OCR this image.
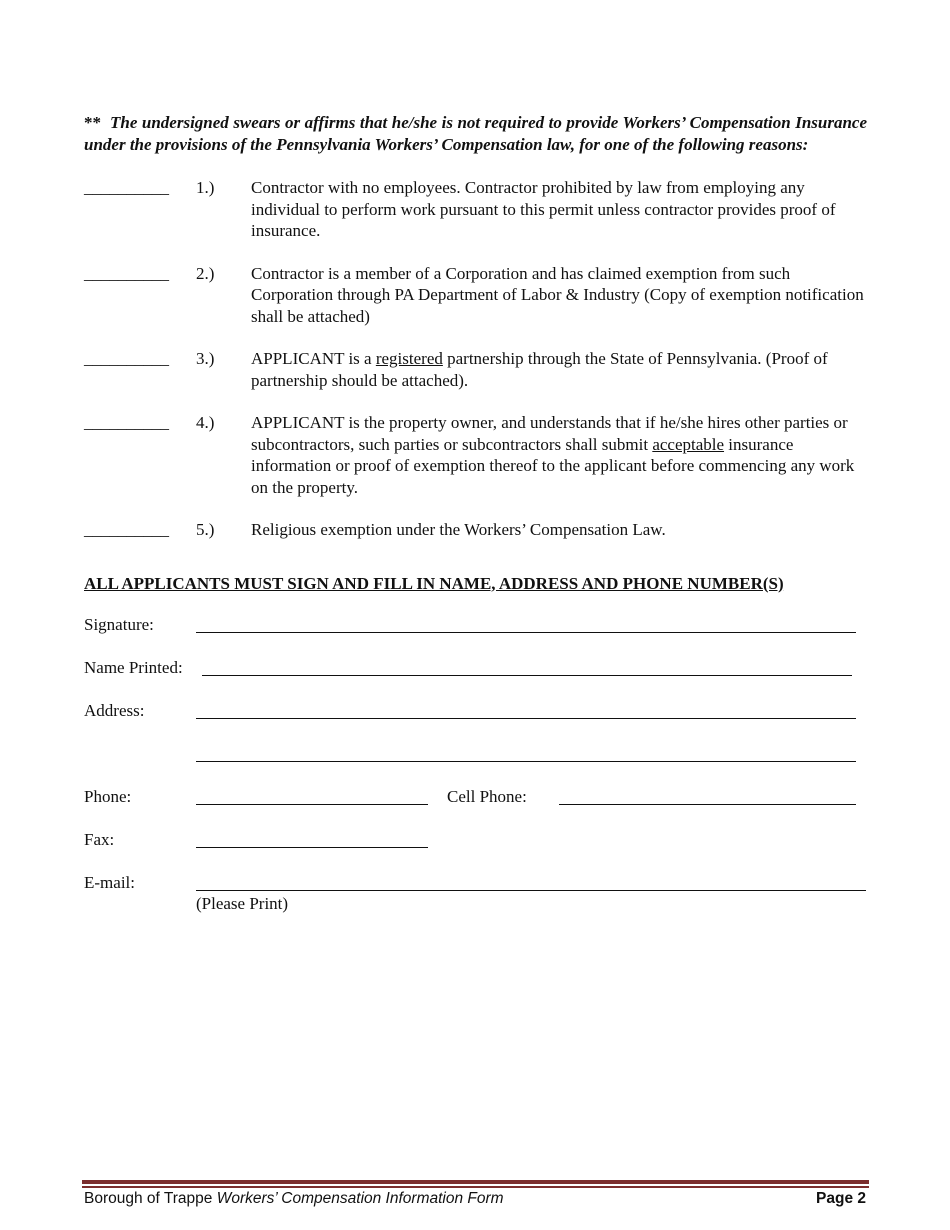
** The undersigned swears or affirms that he/she is not required to provide Workers’ Compensation Insurance under the provisions of the Pennsylvania Workers’ Compensation law, for one of the following reasons:

__________	1.)	Contractor with no employees. Contractor prohibited by law from employing any individual to perform work pursuant to this permit unless contractor provides proof of insurance.
__________	2.)	Contractor is a member of a Corporation and has claimed exemption from such Corporation through PA Department of Labor & Industry (Copy of exemption notification shall be attached)
__________	3.)	APPLICANT is a registered partnership through the State of Pennsylvania. (Proof of partnership should be attached).
__________	4.)	APPLICANT is the property owner, and understands that if he/she hires other parties or subcontractors, such parties or subcontractors shall submit acceptable insurance information or proof of exemption thereof to the applicant before commencing any work on the property.
__________	5.)	Religious exemption under the Workers’ Compensation Law.
ALL APPLICANTS MUST SIGN AND FILL IN NAME, ADDRESS AND PHONE NUMBER(S)
Signature:
Name Printed:
Address:
Phone:	Cell Phone:
Fax:
E-mail:
(Please Print)
Borough of Trappe Workers’ Compensation Information Form	Page 2
